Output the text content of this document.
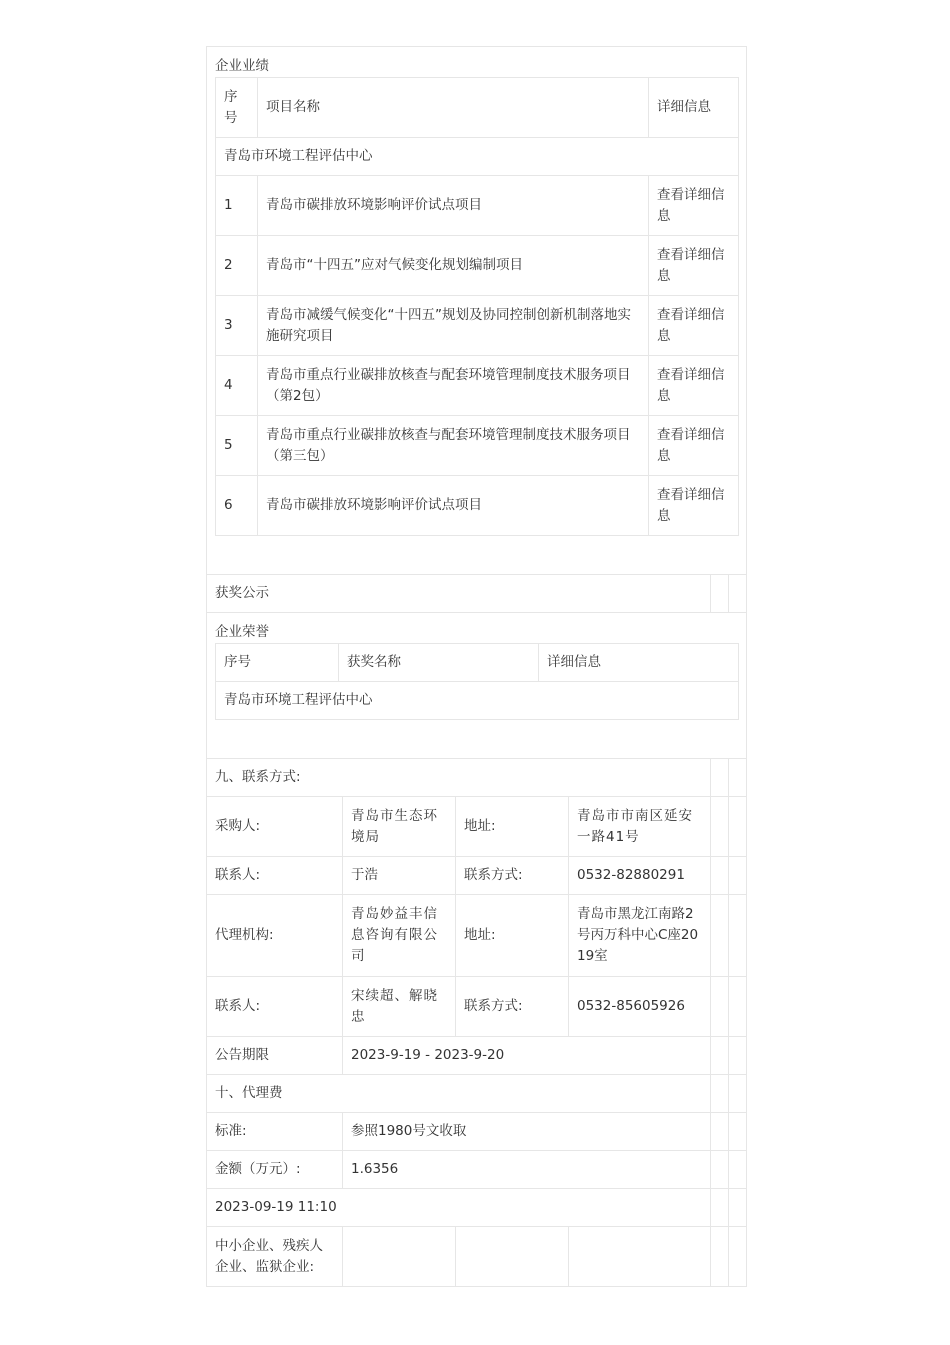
企业业绩
序号	项目名称	详细信息
青岛市环境工程评估中心
1	青岛市碳排放环境影响评价试点项目	查看详细信息
2	青岛市“十四五”应对气候变化规划编制项目	查看详细信息
3	青岛市减缓气候变化“十四五”规划及协同控制创新机制落地实施研究项目	查看详细信息
4	青岛市重点行业碳排放核查与配套环境管理制度技术服务项目（第2包）	查看详细信息
5	青岛市重点行业碳排放核查与配套环境管理制度技术服务项目（第三包）	查看详细信息
6	青岛市碳排放环境影响评价试点项目	查看详细信息

获奖公示		

企业荣誉
序号	获奖名称	详细信息
青岛市环境工程评估中心

九、联系方式:		
采购人:	青岛市生态环境局	地址:	青岛市市南区延安一路41号		
联系人:	于浩	联系方式:	0532-82880291		
代理机构:	青岛妙益丰信息咨询有限公司	地址:	青岛市黑龙江南路2号丙万科中心C座2019室		
联系人:	宋续超、解晓忠	联系方式:	0532-85605926		
公告期限	2023-9-19 - 2023-9-20		
十、代理费		
标准:	参照1980号文收取		
金额（万元）:	1.6356		
2023-09-19 11:10		
中小企业、残疾人企业、监狱企业:					
